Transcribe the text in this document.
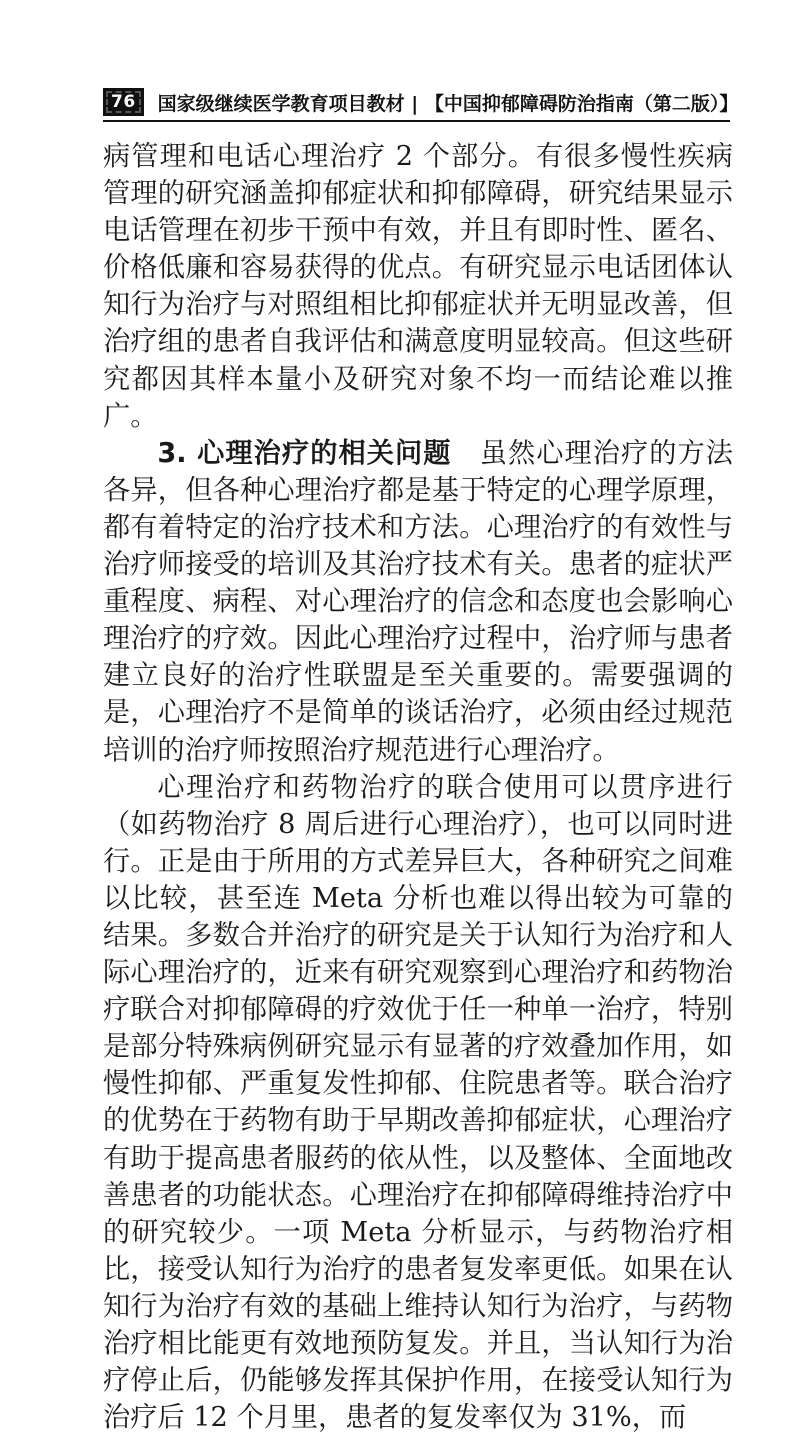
76	国家级继续医学教育项目教材 | 【中国抑郁障碍防治指南（第二版）】

病管理和电话心理治疗 2 个部分。有很多慢性疾病管理的研究涵盖抑郁症状和抑郁障碍，研究结果显示电话管理在初步干预中有效，并且有即时性、匿名、价格低廉和容易获得的优点。有研究显示电话团体认知行为治疗与对照组相比抑郁症状并无明显改善，但治疗组的患者自我评估和满意度明显较高。但这些研究都因其样本量小及研究对象不均一而结论难以推广。

3. 心理治疗的相关问题　 虽然心理治疗的方法各异，但各种心理治疗都是基于特定的心理学原理，都有着特定的治疗技术和方法。心理治疗的有效性与治疗师接受的培训及其治疗技术有关。患者的症状严重程度、病程、对心理治疗的信念和态度也会影响心理治疗的疗效。因此心理治疗过程中，治疗师与患者建立良好的治疗性联盟是至关重要的。需要强调的是，心理治疗不是简单的谈话治疗，必须由经过规范培训的治疗师按照治疗规范进行心理治疗。

心理治疗和药物治疗的联合使用可以贯序进行（如药物治疗 8 周后进行心理治疗），也可以同时进行。正是由于所用的方式差异巨大，各种研究之间难以比较，甚至连 Meta 分析也难以得出较为可靠的结果。多数合并治疗的研究是关于认知行为治疗和人际心理治疗的，近来有研究观察到心理治疗和药物治疗联合对抑郁障碍的疗效优于任一种单一治疗，特别是部分特殊病例研究显示有显著的疗效叠加作用，如慢性抑郁、严重复发性抑郁、住院患者等。联合治疗的优势在于药物有助于早期改善抑郁症状，心理治疗有助于提高患者服药的依从性，以及整体、全面地改善患者的功能状态。心理治疗在抑郁障碍维持治疗中的研究较少。一项 Meta 分析显示，与药物治疗相比，接受认知行为治疗的患者复发率更低。如果在认知行为治疗有效的基础上维持认知行为治疗，与药物治疗相比能更有效地预防复发。并且，当认知行为治疗停止后，仍能够发挥其保护作用，在接受认知行为治疗后 12 个月里，患者的复发率仅为 31%，而
